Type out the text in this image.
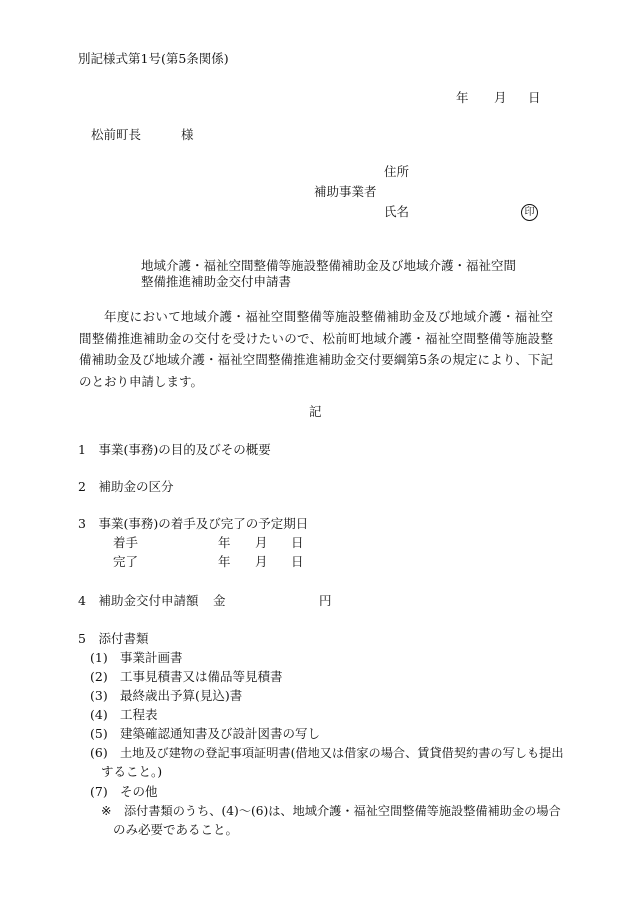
別記様式第1号(第5条関係)
年 月 日
松前町長	様
住所
補助事業者
氏名	印
地域介護・福祉空間整備等施設整備補助金及び地域介護・福祉空間
整備推進補助金交付申請書

年度において地域介護・福祉空間整備等施設整備補助金及び地域介護・福祉空間整備推進補助金の交付を受けたいので、松前町地域介護・福祉空間整備等施設整備補助金及び地域介護・福祉空間整備推進補助金交付要綱第5条の規定により、下記のとおり申請します。

記
1　事業(事務)の目的及びその概要
2　補助金の区分
3　事業(事務)の着手及び完了の予定期日
着手	年 月 日
完了	年 月 日
4　補助金交付申請額 金	円
5　添付書類
(1) 事業計画書
(2) 工事見積書又は備品等見積書
(3) 最終歳出予算(見込)書
(4) 工程表
(5) 建築確認通知書及び設計図書の写し
(6) 土地及び建物の登記事項証明書(借地又は借家の場合、賃貸借契約書の写しも提出
すること。)
(7) その他
※ 添付書類のうち、(4)～(6)は、地域介護・福祉空間整備等施設整備補助金の場合
のみ必要であること。
